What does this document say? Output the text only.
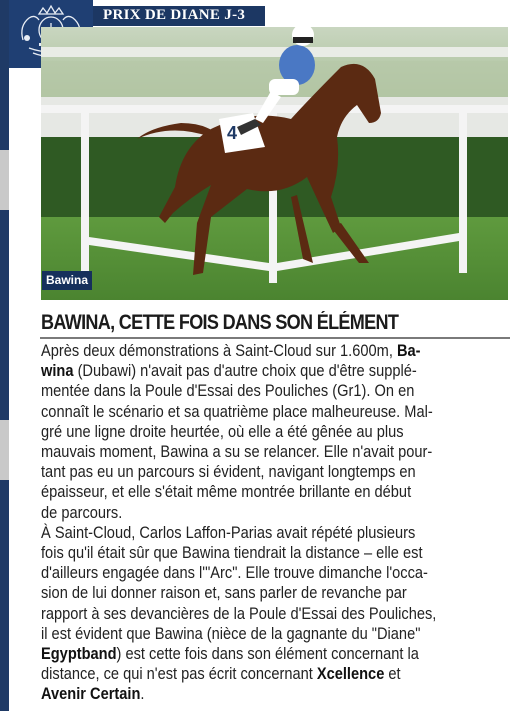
PRIX DE DIANE J-3
4
Bawina
BAWINA, CETTE FOIS DANS SON ÉLÉMENT
Après deux démonstrations à Saint-Cloud sur 1.600m, Ba-
wina (Dubawi) n'avait pas d'autre choix que d'être supplé-
mentée dans la Poule d'Essai des Pouliches (Gr1). On en
connaît le scénario et sa quatrième place malheureuse. Mal-
gré une ligne droite heurtée, où elle a été gênée au plus
mauvais moment, Bawina a su se relancer. Elle n'avait pour-
tant pas eu un parcours si évident, navigant longtemps en
épaisseur, et elle s'était même montrée brillante en début
de parcours.
À Saint-Cloud, Carlos Laffon-Parias avait répété plusieurs
fois qu'il était sûr que Bawina tiendrait la distance – elle est
d'ailleurs engagée dans l'"Arc". Elle trouve dimanche l'occa-
sion de lui donner raison et, sans parler de revanche par
rapport à ses devancières de la Poule d'Essai des Pouliches,
il est évident que Bawina (nièce de la gagnante du "Diane"
Egyptband) est cette fois dans son élément concernant la
distance, ce qui n'est pas écrit concernant Xcellence et
Avenir Certain.
